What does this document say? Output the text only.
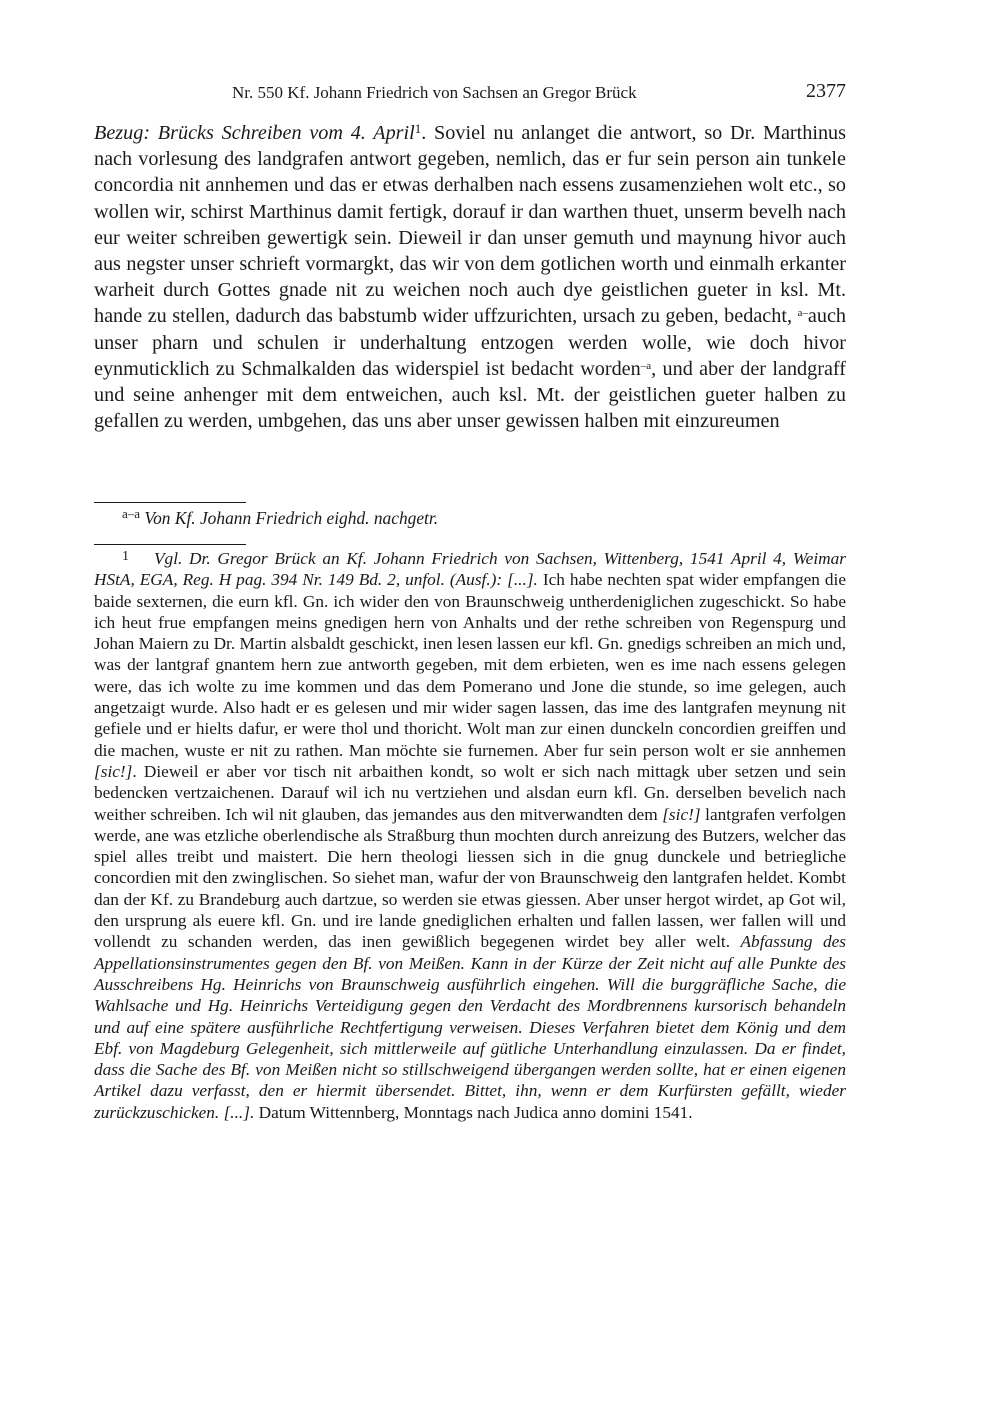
Nr. 550 Kf. Johann Friedrich von Sachsen an Gregor Brück	2377

Bezug: Brücks Schreiben vom 4. April$^1$. Soviel nu anlanget die antwort, so Dr. Marthinus nach vorlesung des landgrafen antwort gegeben, nemlich, das er fur sein person ain tunkele concordia nit annhemen und das er etwas derhalben nach essens zusamenziehen wolt etc., so wollen wir, schirst Marthinus damit fertigk, dorauf ir dan warthen thuet, unserm bevelh nach eur weiter schreiben gewertigk sein. Dieweil ir dan unser gemuth und maynung hivor auch aus negster unser schrieft vormargkt, das wir von dem gotlichen worth und einmalh erkanter warheit durch Gottes gnade nit zu weichen noch auch dye geistlichen gueter in ksl. Mt. hande zu stellen, dadurch das babstumb wider uffzurichten, ursach zu geben, bedacht, $^{a-}$auch unser pharn und schulen ir underhaltung entzogen werden wolle, wie doch hivor eynmuticklich zu Schmalkalden das widerspiel ist bedacht worden$^{-a}$, und aber der landgraff und seine anhenger mit dem entweichen, auch ksl. Mt. der geistlichen gueter halben zu gefallen zu werden, umbgehen, das uns aber unser gewissen halben mit einzureumen

$^{a-a}$ Von Kf. Johann Friedrich eighd. nachgetr.

1 Vgl. Dr. Gregor Brück an Kf. Johann Friedrich von Sachsen, Wittenberg, 1541 April 4, Weimar HStA, EGA, Reg. H pag. 394 Nr. 149 Bd. 2, unfol. (Ausf.): [...]. Ich habe nechten spat wider empfangen die baide sexternen, die eurn kfl. Gn. ich wider den von Braunschweig untherdeniglichen zugeschickt. So habe ich heut frue empfangen meins gnedigen hern von Anhalts und der rethe schreiben von Regenspurg und Johan Maiern zu Dr. Martin alsbaldt geschickt, inen lesen lassen eur kfl. Gn. gnedigs schreiben an mich und, was der lantgraf gnantem hern zue antworth gegeben, mit dem erbieten, wen es ime nach essens gelegen were, das ich wolte zu ime kommen und das dem Pomerano und Jone die stunde, so ime gelegen, auch angetzaigt wurde. Also hadt er es gelesen und mir wider sagen lassen, das ime des lantgrafen meynung nit gefiele und er hielts dafur, er were thol und thoricht. Wolt man zur einen dunckeln concordien greiffen und die machen, wuste er nit zu rathen. Man möchte sie furnemen. Aber fur sein person wolt er sie annhemen [sic!]. Dieweil er aber vor tisch nit arbaithen kondt, so wolt er sich nach mittagk uber setzen und sein bedencken vertzaichenen. Darauf wil ich nu vertziehen und alsdan eurn kfl. Gn. derselben bevelich nach weither schreiben. Ich wil nit glauben, das jemandes aus den mitverwandten dem [sic!] lantgrafen verfolgen werde, ane was etzliche oberlendische als Straßburg thun mochten durch anreizung des Butzers, welcher das spiel alles treibt und maistert. Die hern theologi liessen sich in die gnug dunckele und betriegliche concordien mit den zwinglischen. So siehet man, wafur der von Braunschweig den lantgrafen heldet. Kombt dan der Kf. zu Brandeburg auch dartzue, so werden sie etwas giessen. Aber unser hergot wirdet, ap Got wil, den ursprung als euere kfl. Gn. und ire lande gnediglichen erhalten und fallen lassen, wer fallen will und vollendt zu schanden werden, das inen gewißlich begegenen wirdet bey aller welt. Abfassung des Appellationsinstrumentes gegen den Bf. von Meißen. Kann in der Kürze der Zeit nicht auf alle Punkte des Ausschreibens Hg. Heinrichs von Braunschweig ausführlich eingehen. Will die burggräfliche Sache, die Wahlsache und Hg. Heinrichs Verteidigung gegen den Verdacht des Mordbrennens kursorisch behandeln und auf eine spätere ausführliche Rechtfertigung verweisen. Dieses Verfahren bietet dem König und dem Ebf. von Magdeburg Gelegenheit, sich mittlerweile auf gütliche Unterhandlung einzulassen. Da er findet, dass die Sache des Bf. von Meißen nicht so stillschweigend übergangen werden sollte, hat er einen eigenen Artikel dazu verfasst, den er hiermit übersendet. Bittet, ihn, wenn er dem Kurfürsten gefällt, wieder zurückzuschicken. [...]. Datum Wittennberg, Monntags nach Judica anno domini 1541.
